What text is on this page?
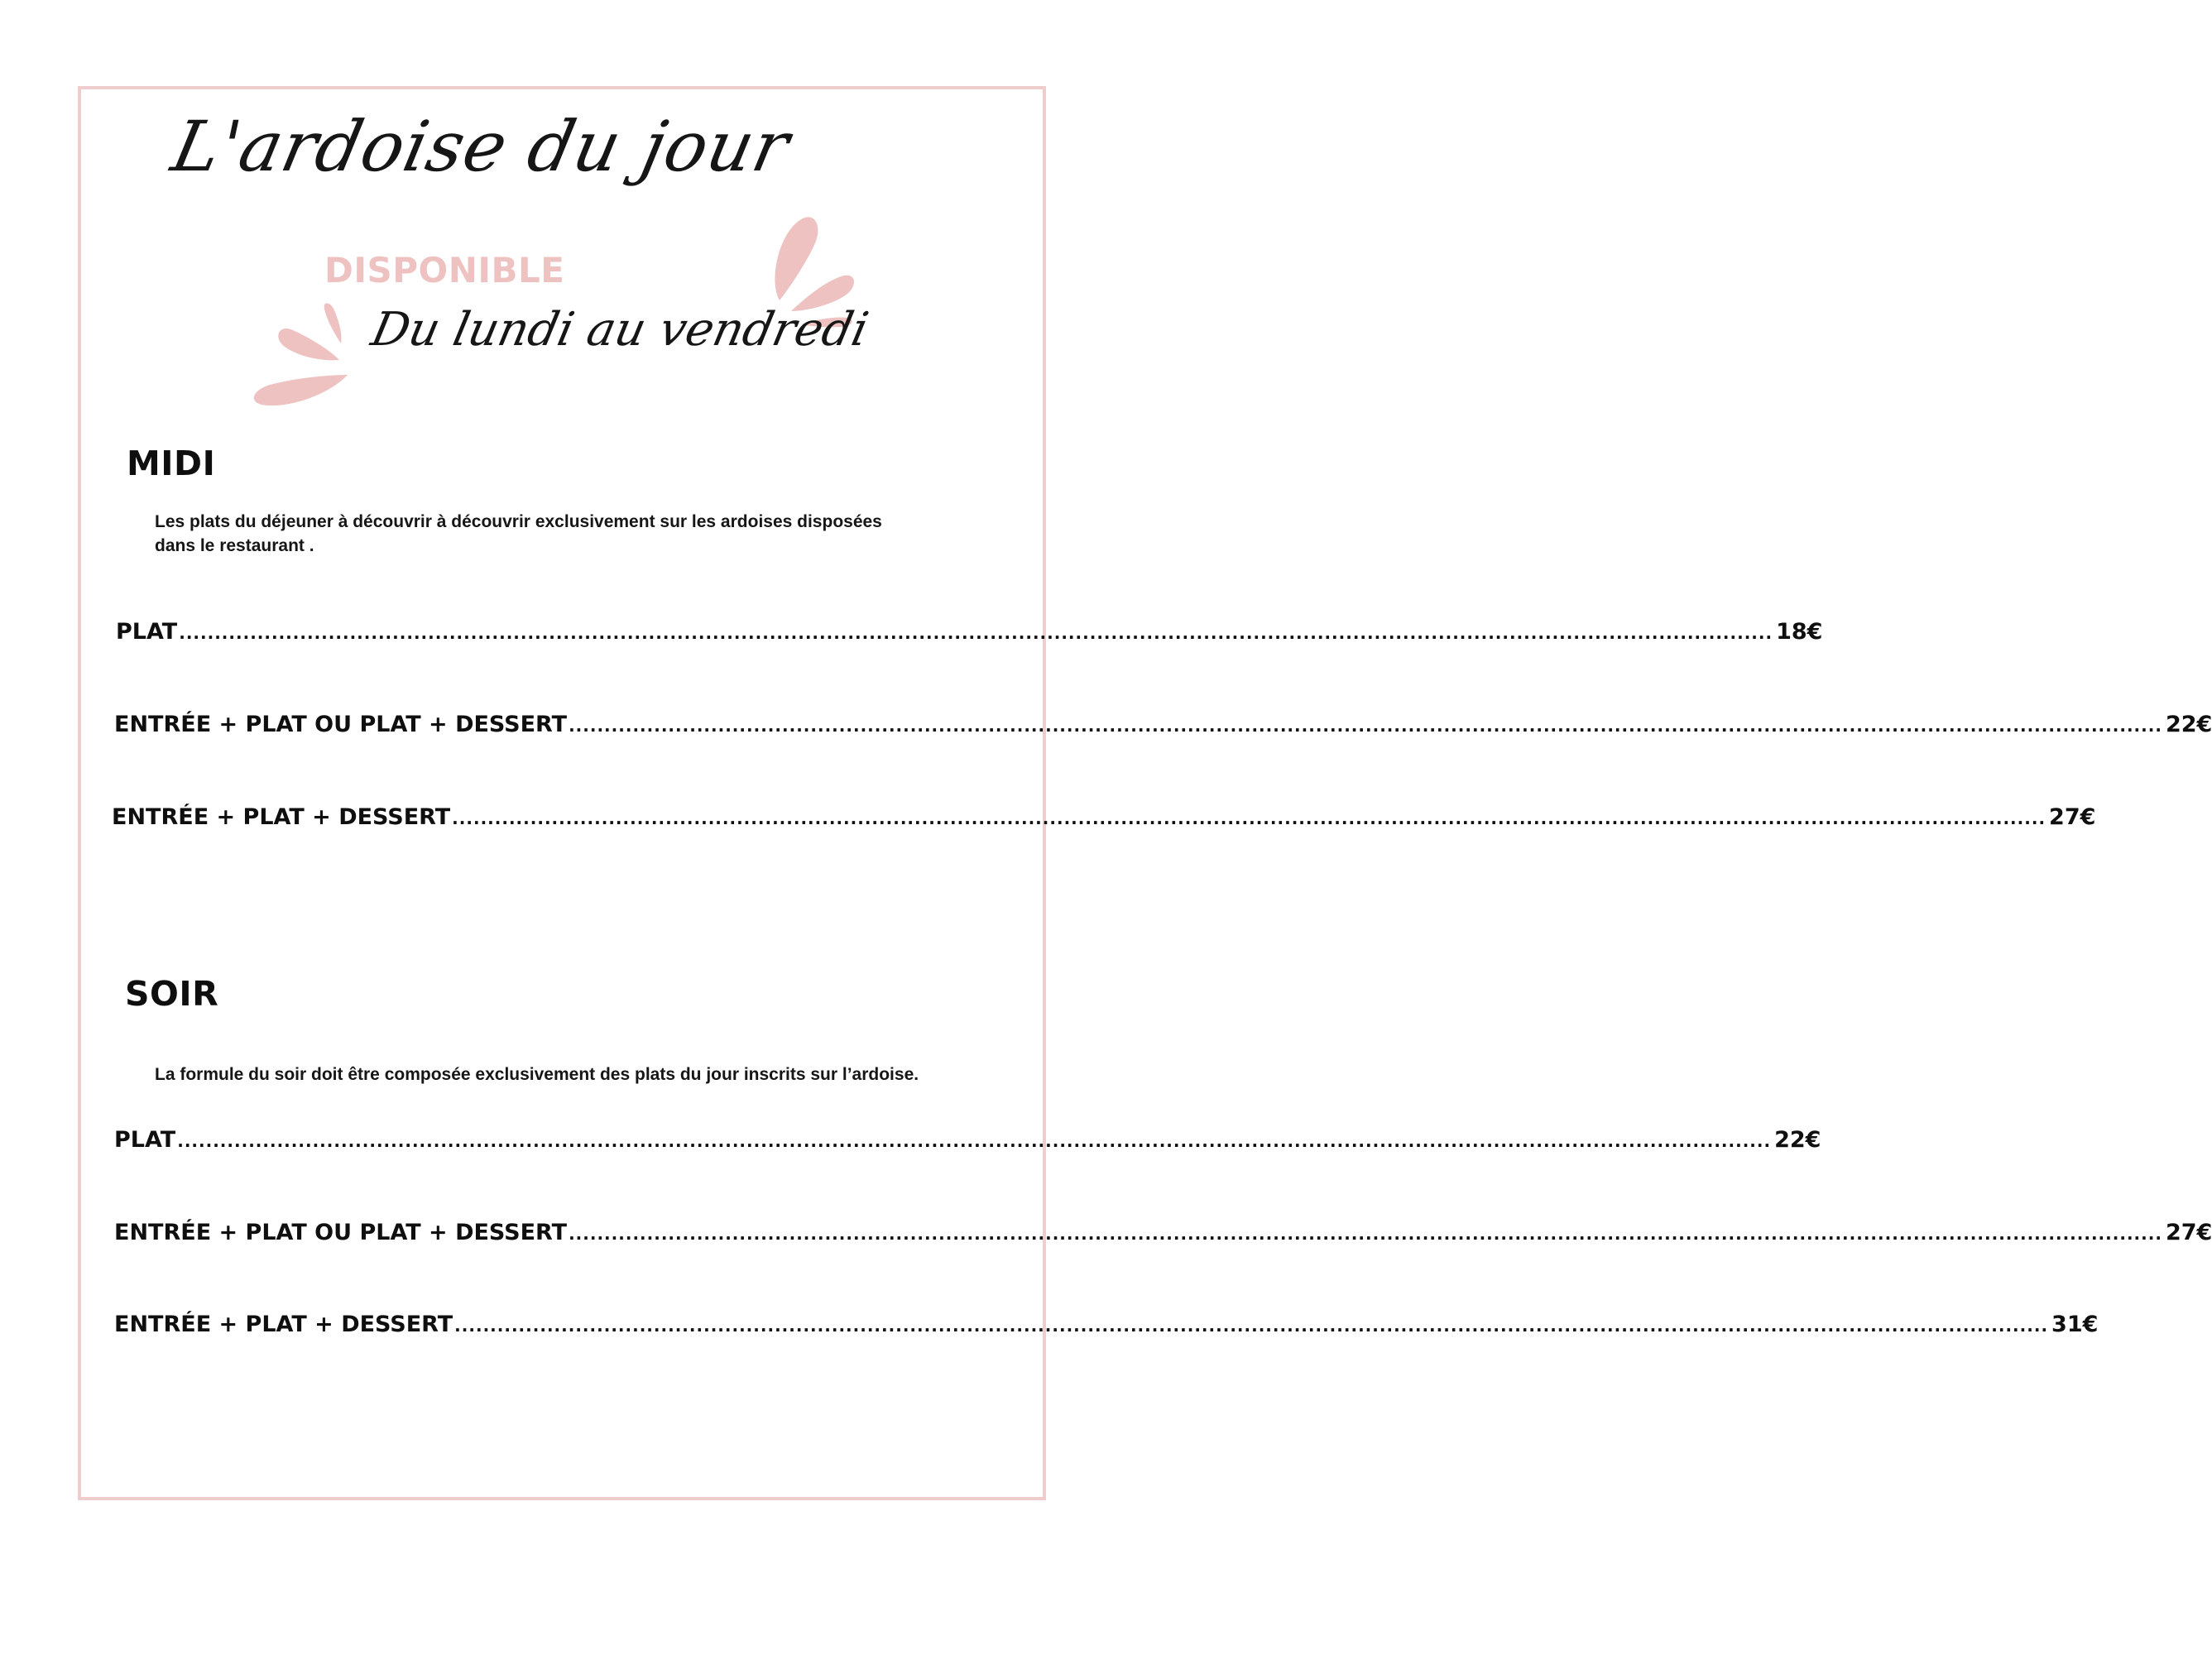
L'ardoise du jour
DISPONIBLE
Du lundi au vendredi
MIDI
Les plats du déjeuner à découvrir à découvrir exclusivement sur les ardoises disposées
dans le restaurant .
PLAT ................................................................................................................................................................................................................................ 18€
ENTRÉE + PLAT OU PLAT + DESSERT ................................................................................................................................................................................................................................ 22€
ENTRÉE + PLAT + DESSERT ................................................................................................................................................................................................................................ 27€
SOIR
La formule du soir doit être composée exclusivement des plats du jour inscrits sur l’ardoise.
PLAT ................................................................................................................................................................................................................................ 22€
ENTRÉE + PLAT OU PLAT + DESSERT ................................................................................................................................................................................................................................ 27€
ENTRÉE + PLAT + DESSERT ................................................................................................................................................................................................................................ 31€
